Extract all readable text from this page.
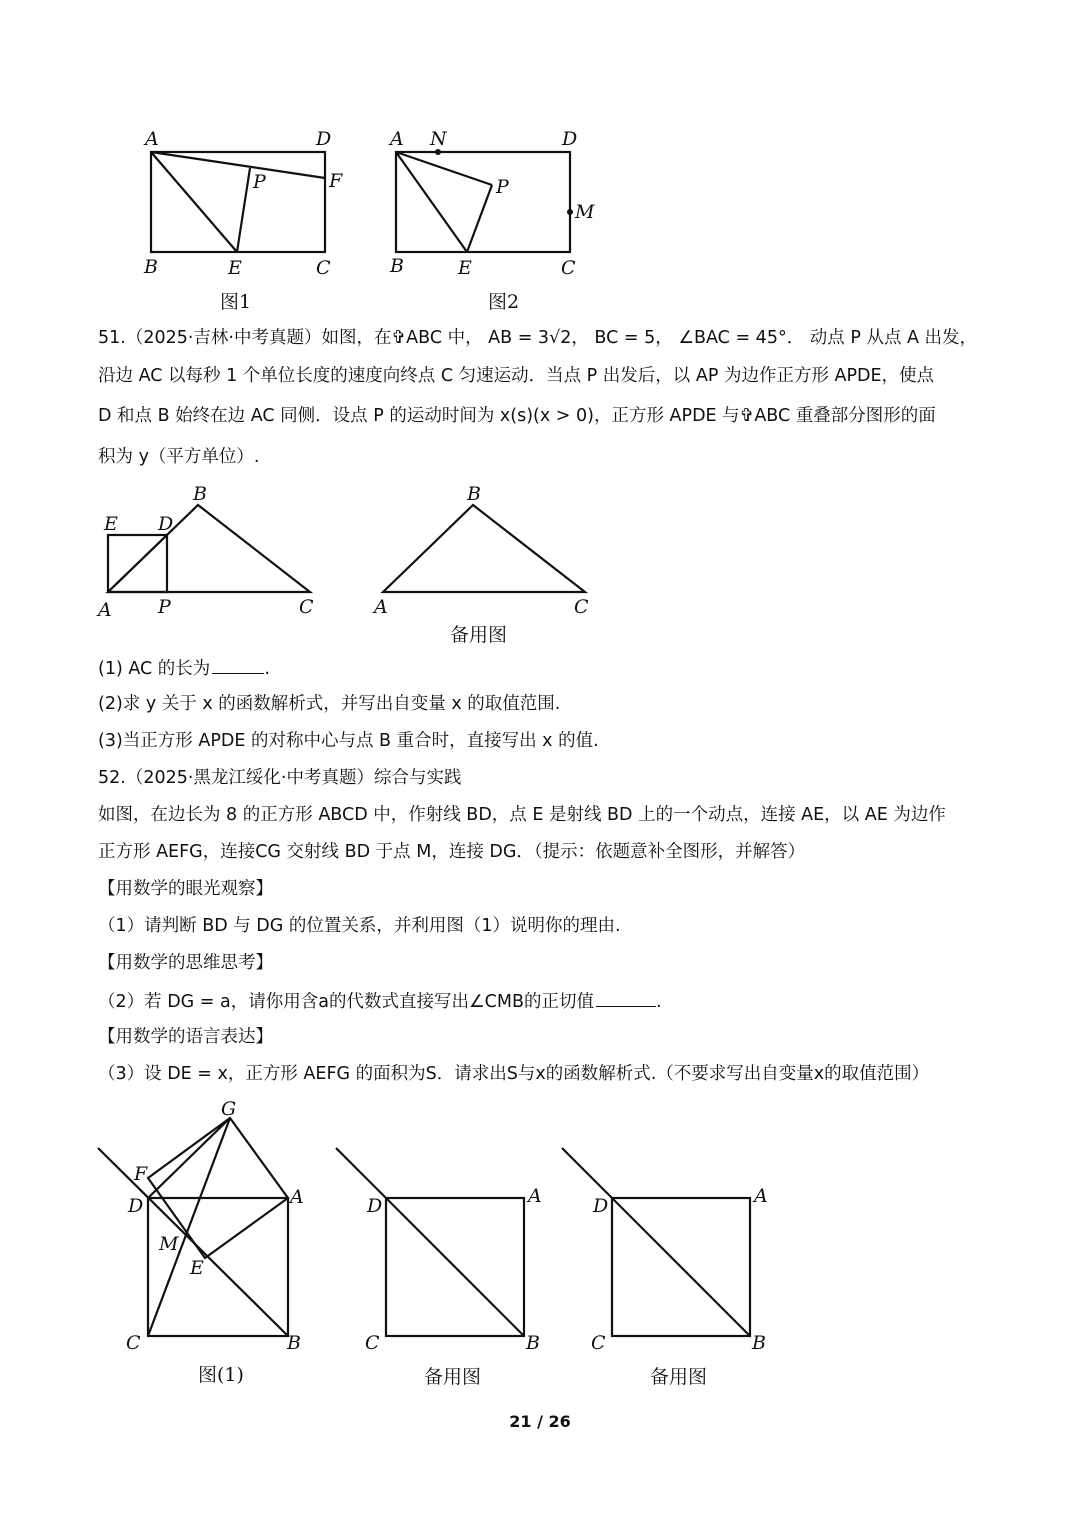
A	D
F
P
B	E	C
图1
A N	D
P
M
B	E	C
图2
51.（2025·吉林·中考真题）如图，在✞ABC 中， AB = 3√2， BC = 5， ∠BAC = 45°． 动点 P 从点 A 出发，
沿边 AC 以每秒 1 个单位长度的速度向终点 C 匀速运动．当点 P 出发后，以 AP 为边作正方形 APDE，使点
D 和点 B 始终在边 AC 同侧．设点 P 的运动时间为 x(s)(x > 0)，正方形 APDE 与✞ABC 重叠部分图形的面
积为 y（平方单位）.
B
E D
A P	C
B
A	C
备用图
(1) AC 的长为	.
(2)求 y 关于 x 的函数解析式，并写出自变量 x 的取值范围.
(3)当正方形 APDE 的对称中心与点 B 重合时，直接写出 x 的值.
52.（2025·黑龙江绥化·中考真题）综合与实践
如图，在边长为 8 的正方形 ABCD 中，作射线 BD，点 E 是射线 BD 上的一个动点，连接 AE，以 AE 为边作
正方形 AEFG，连接CG 交射线 BD 于点 M，连接 DG．（提示：依题意补全图形，并解答）
【用数学的眼光观察】
（1）请判断 BD 与 DG 的位置关系，并利用图（1）说明你的理由.
【用数学的思维思考】
（2）若 DG = a，请你用含a的代数式直接写出∠CMB的正切值	.
【用数学的语言表达】
（3）设 DE = x，正方形 AEFG 的面积为S．请求出S与x的函数解析式.（不要求写出自变量x的取值范围）
G
F
D	A
M
E
C	B
图(1)
D	A
C	B
备用图
D	A
C	B
备用图
21 / 26
